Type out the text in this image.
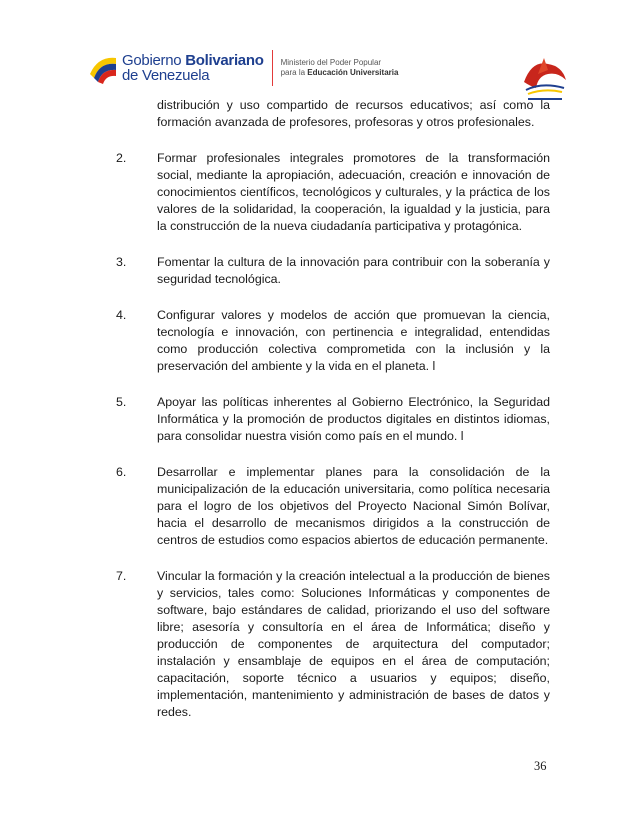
Gobierno Bolivariano
de Venezuela
Ministerio del Poder Popular
para la Educación Universitaria

distribución y uso compartido de recursos educativos; así como la formación avanzada de profesores, profesoras y otros profesionales.

2.	Formar profesionales integrales promotores de la transformación social, mediante la apropiación, adecuación, creación e innovación de conocimientos científicos, tecnológicos y culturales, y la práctica de los valores de la solidaridad, la cooperación, la igualdad y la justicia, para la construcción de la nueva ciudadanía participativa y protagónica.

3.	Fomentar la cultura de la innovación para contribuir con la soberanía y seguridad tecnológica.

4.	Configurar valores y modelos de acción que promuevan la ciencia, tecnología e innovación, con pertinencia e integralidad, entendidas como producción colectiva comprometida con la inclusión y la preservación del ambiente y la vida en el planeta. l

5.	Apoyar las políticas inherentes al Gobierno Electrónico, la Seguridad Informática y la promoción de productos digitales en distintos idiomas, para consolidar nuestra visión como país en el mundo. l

6.	Desarrollar e implementar planes para la consolidación de la municipalización de la educación universitaria, como política necesaria para el logro de los objetivos del Proyecto Nacional Simón Bolívar, hacia el desarrollo de mecanismos dirigidos a la construcción de centros de estudios como espacios abiertos de educación permanente.

7.	Vincular la formación y la creación intelectual a la producción de bienes y servicios, tales como: Soluciones Informáticas y componentes de software, bajo estándares de calidad, priorizando el uso del software libre; asesoría y consultoría en el área de Informática; diseño y producción de componentes de arquitectura del computador; instalación y ensamblaje de equipos en el área de computación; capacitación, soporte técnico a usuarios y equipos; diseño, implementación, mantenimiento y administración de bases de datos y redes.

36
